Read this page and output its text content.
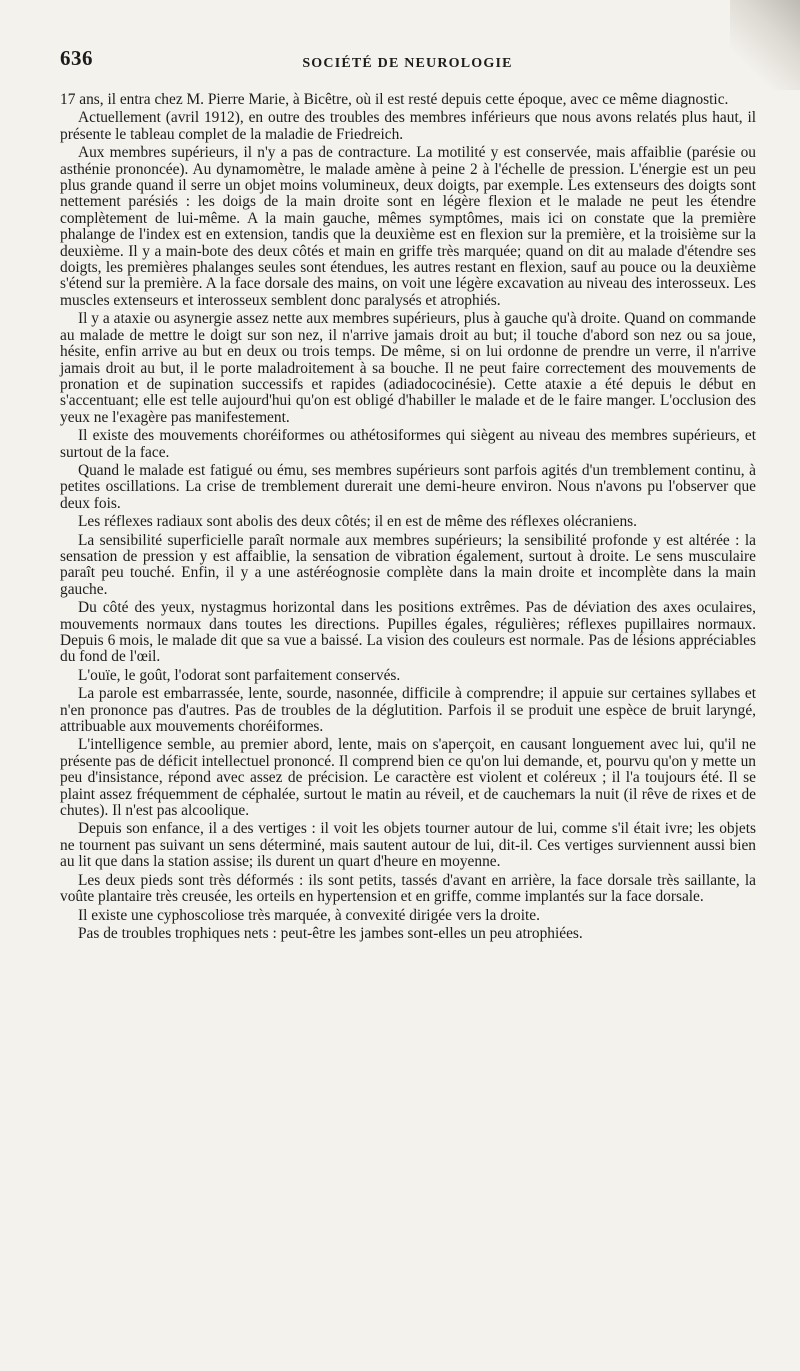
636	SOCIÉTÉ DE NEUROLOGIE

17 ans, il entra chez M. Pierre Marie, à Bicêtre, où il est resté depuis cette époque, avec ce même diagnostic.

Actuellement (avril 1912), en outre des troubles des membres inférieurs que nous avons relatés plus haut, il présente le tableau complet de la maladie de Friedreich.

Aux membres supérieurs, il n'y a pas de contracture. La motilité y est conservée, mais affaiblie (parésie ou asthénie prononcée). Au dynamomètre, le malade amène à peine 2 à l'échelle de pression. L'énergie est un peu plus grande quand il serre un objet moins volumineux, deux doigts, par exemple. Les extenseurs des doigts sont nettement parésiés : les doigs de la main droite sont en légère flexion et le malade ne peut les étendre complètement de lui-même. A la main gauche, mêmes symptômes, mais ici on constate que la première phalange de l'index est en extension, tandis que la deuxième est en flexion sur la première, et la troisième sur la deuxième. Il y a main-bote des deux côtés et main en griffe très marquée; quand on dit au malade d'étendre ses doigts, les premières phalanges seules sont étendues, les autres restant en flexion, sauf au pouce ou la deuxième s'étend sur la première. A la face dorsale des mains, on voit une légère excavation au niveau des interosseux. Les muscles extenseurs et interosseux semblent donc paralysés et atrophiés.

Il y a ataxie ou asynergie assez nette aux membres supérieurs, plus à gauche qu'à droite. Quand on commande au malade de mettre le doigt sur son nez, il n'arrive jamais droit au but; il touche d'abord son nez ou sa joue, hésite, enfin arrive au but en deux ou trois temps. De même, si on lui ordonne de prendre un verre, il n'arrive jamais droit au but, il le porte maladroitement à sa bouche. Il ne peut faire correctement des mouvements de pronation et de supination successifs et rapides (adiadococinésie). Cette ataxie a été depuis le début en s'accentuant; elle est telle aujourd'hui qu'on est obligé d'habiller le malade et de le faire manger. L'occlusion des yeux ne l'exagère pas manifestement.

Il existe des mouvements choréiformes ou athétosiformes qui siègent au niveau des membres supérieurs, et surtout de la face.

Quand le malade est fatigué ou ému, ses membres supérieurs sont parfois agités d'un tremblement continu, à petites oscillations. La crise de tremblement durerait une demi-heure environ. Nous n'avons pu l'observer que deux fois.

Les réflexes radiaux sont abolis des deux côtés; il en est de même des réflexes olécraniens.

La sensibilité superficielle paraît normale aux membres supérieurs; la sensibilité profonde y est altérée : la sensation de pression y est affaiblie, la sensation de vibration également, surtout à droite. Le sens musculaire paraît peu touché. Enfin, il y a une astéréognosie complète dans la main droite et incomplète dans la main gauche.

Du côté des yeux, nystagmus horizontal dans les positions extrêmes. Pas de déviation des axes oculaires, mouvements normaux dans toutes les directions. Pupilles égales, régulières; réflexes pupillaires normaux. Depuis 6 mois, le malade dit que sa vue a baissé. La vision des couleurs est normale. Pas de lésions appréciables du fond de l'œil.

L'ouïe, le goût, l'odorat sont parfaitement conservés.

La parole est embarrassée, lente, sourde, nasonnée, difficile à comprendre; il appuie sur certaines syllabes et n'en prononce pas d'autres. Pas de troubles de la déglutition. Parfois il se produit une espèce de bruit laryngé, attribuable aux mouvements choréiformes.

L'intelligence semble, au premier abord, lente, mais on s'aperçoit, en causant longuement avec lui, qu'il ne présente pas de déficit intellectuel prononcé. Il comprend bien ce qu'on lui demande, et, pourvu qu'on y mette un peu d'insistance, répond avec assez de précision. Le caractère est violent et coléreux ; il l'a toujours été. Il se plaint assez fréquemment de céphalée, surtout le matin au réveil, et de cauchemars la nuit (il rêve de rixes et de chutes). Il n'est pas alcoolique.

Depuis son enfance, il a des vertiges : il voit les objets tourner autour de lui, comme s'il était ivre; les objets ne tournent pas suivant un sens déterminé, mais sautent autour de lui, dit-il. Ces vertiges surviennent aussi bien au lit que dans la station assise; ils durent un quart d'heure en moyenne.

Les deux pieds sont très déformés : ils sont petits, tassés d'avant en arrière, la face dorsale très saillante, la voûte plantaire très creusée, les orteils en hypertension et en griffe, comme implantés sur la face dorsale.

Il existe une cyphoscoliose très marquée, à convexité dirigée vers la droite.

Pas de troubles trophiques nets : peut-être les jambes sont-elles un peu atrophiées.
